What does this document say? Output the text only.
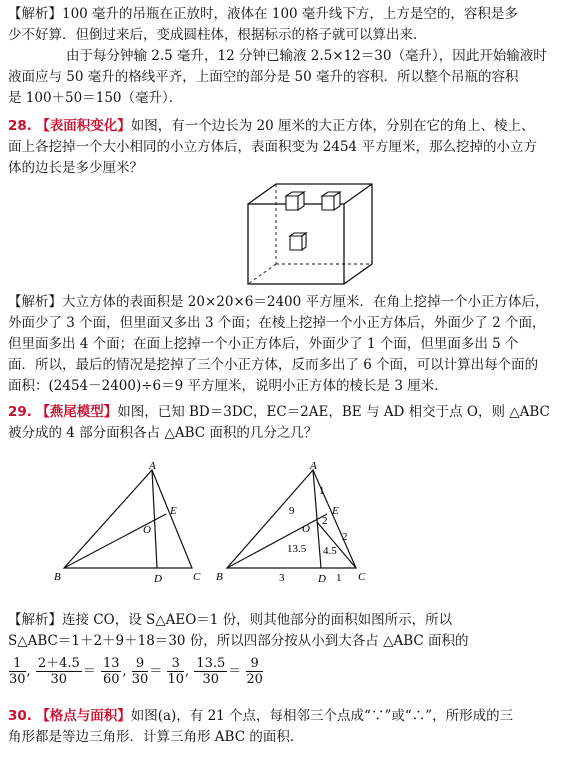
【解析】100 毫升的吊瓶在正放时，液体在 100 毫升线下方，上方是空的，容积是多

少不好算．但倒过来后，变成圆柱体，根据标示的格子就可以算出来．

由于每分钟输 2.5 毫升，12 分钟已输液 2.5×12＝30（毫升），因此开始输液时

液面应与 50 毫升的格线平齐，上面空的部分是 50 毫升的容积．所以整个吊瓶的容积

是 100＋50＝150（毫升）．

28. 【表面积变化】如图，有一个边长为 20 厘米的大正方体，分别在它的角上、棱上、

面上各挖掉一个大小相同的小立方体后，表面积变为 2454 平方厘米，那么挖掉的小立方

体的边长是多少厘米？

【解析】大立方体的表面积是 20×20×6＝2400 平方厘米．在角上挖掉一个小正方体后，

外面少了 3 个面，但里面又多出 3 个面；在棱上挖掉一个小正方体后，外面少了 2 个面，

但里面多出 4 个面；在面上挖掉一个小正方体后，外面少了 1 个面，但里面多出 5 个

面．所以，最后的情况是挖掉了三个小正方体，反而多出了 6 个面，可以计算出每个面的

面积：(2454－2400)÷6＝9 平方厘米，说明小正方体的棱长是 3 厘米．

29. 【燕尾模型】如图，已知 BD＝3DC，EC＝2AE，BE 与 AD 相交于点 O，则 △ABC

被分成的 4 部分面积各占 △ABC 面积的几分之几？

A
B	C
D
E
O
A
B	C
D
E
O
9
1
2
2
13.5 4.5
3	1

【解析】连接 CO，设 S△AEO＝1 份，则其他部分的面积如图所示，所以

S△ABC＝1＋2＋9＋18＝30 份，所以四部分按从小到大各占 △ABC 面积的

$\frac{1}{30}$ , $\frac{2+4.5}{30} = \frac{13}{60}$ , $\frac{9}{30} = \frac{3}{10}$ , $\frac{13.5}{30} = \frac{9}{20}$

30. 【格点与面积】如图(a)，有 21 个点，每相邻三个点成“∵”或“∴”，所形成的三

角形都是等边三角形．计算三角形 ABC 的面积．
